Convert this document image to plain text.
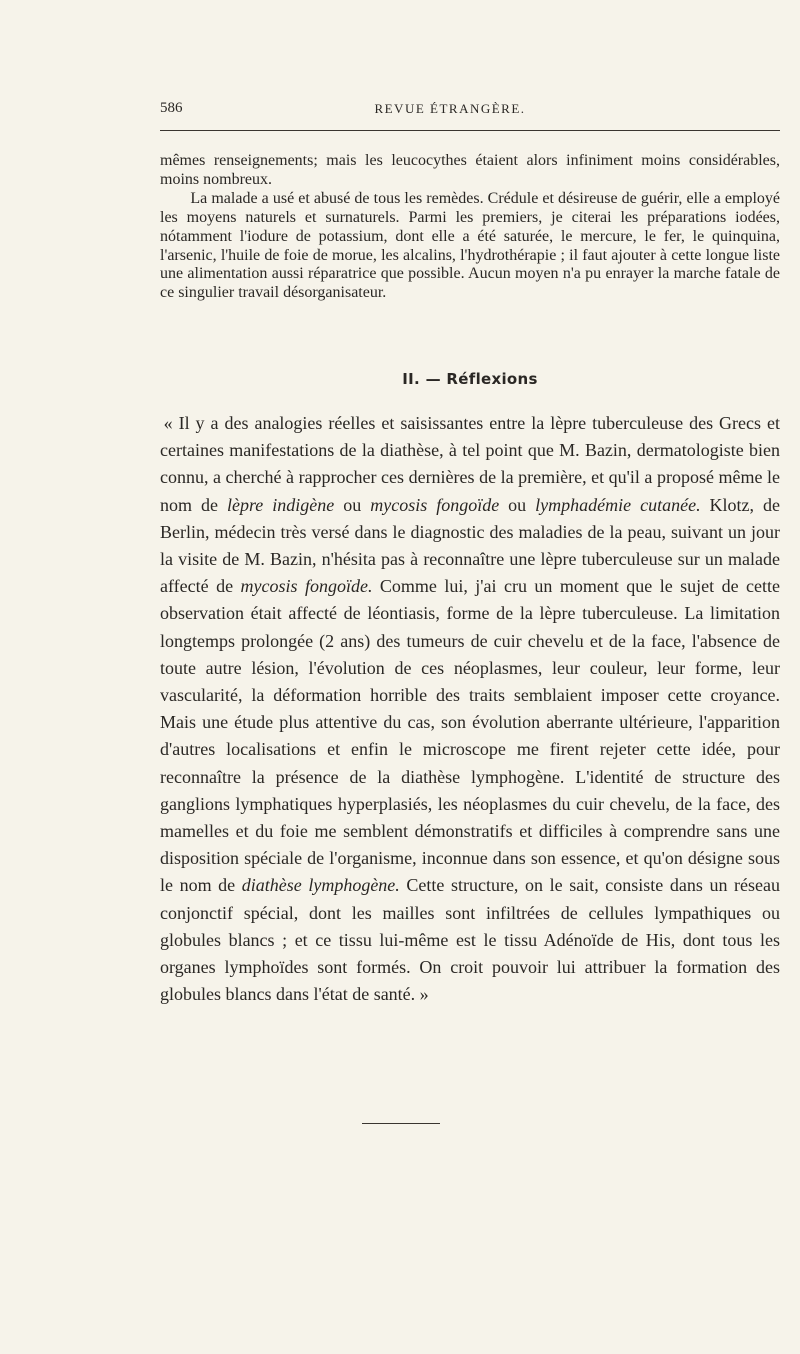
586	REVUE ÉTRANGÈRE.

mêmes renseignements; mais les leucocythes étaient alors infiniment moins considérables, moins nombreux.

La malade a usé et abusé de tous les remèdes. Crédule et désireuse de guérir, elle a employé les moyens naturels et surnaturels. Parmi les premiers, je citerai les préparations iodées, nótamment l'iodure de potassium, dont elle a été saturée, le mercure, le fer, le quinquina, l'arsenic, l'huile de foie de morue, les alcalins, l'hydrothérapie ; il faut ajouter à cette longue liste une alimentation aussi réparatrice que possible. Aucun moyen n'a pu enrayer la marche fatale de ce singulier travail désorganisateur.

II. — Réflexions

« Il y a des analogies réelles et saisissantes entre la lèpre tuberculeuse des Grecs et certaines manifestations de la diathèse, à tel point que M. Bazin, dermatologiste bien connu, a cherché à rapprocher ces dernières de la première, et qu'il a proposé même le nom de lèpre indigène ou mycosis fongoïde ou lymphadémie cutanée. Klotz, de Berlin, médecin très versé dans le diagnostic des maladies de la peau, suivant un jour la visite de M. Bazin, n'hésita pas à reconnaître une lèpre tuberculeuse sur un malade affecté de mycosis fongoïde. Comme lui, j'ai cru un moment que le sujet de cette observation était affecté de léontiasis, forme de la lèpre tuberculeuse. La limitation longtemps prolongée (2 ans) des tumeurs de cuir chevelu et de la face, l'absence de toute autre lésion, l'évolution de ces néoplasmes, leur couleur, leur forme, leur vascularité, la déformation horrible des traits semblaient imposer cette croyance. Mais une étude plus attentive du cas, son évolution aberrante ultérieure, l'apparition d'autres localisations et enfin le microscope me firent rejeter cette idée, pour reconnaître la présence de la diathèse lymphogène. L'identité de structure des ganglions lymphatiques hyperplasiés, les néoplasmes du cuir chevelu, de la face, des mamelles et du foie me semblent démonstratifs et difficiles à comprendre sans une disposition spéciale de l'organisme, inconnue dans son essence, et qu'on désigne sous le nom de diathèse lymphogène. Cette structure, on le sait, consiste dans un réseau conjonctif spécial, dont les mailles sont infiltrées de cellules lympathiques ou globules blancs ; et ce tissu lui-même est le tissu Adénoïde de His, dont tous les organes lymphoïdes sont formés. On croit pouvoir lui attribuer la formation des globules blancs dans l'état de santé. »
